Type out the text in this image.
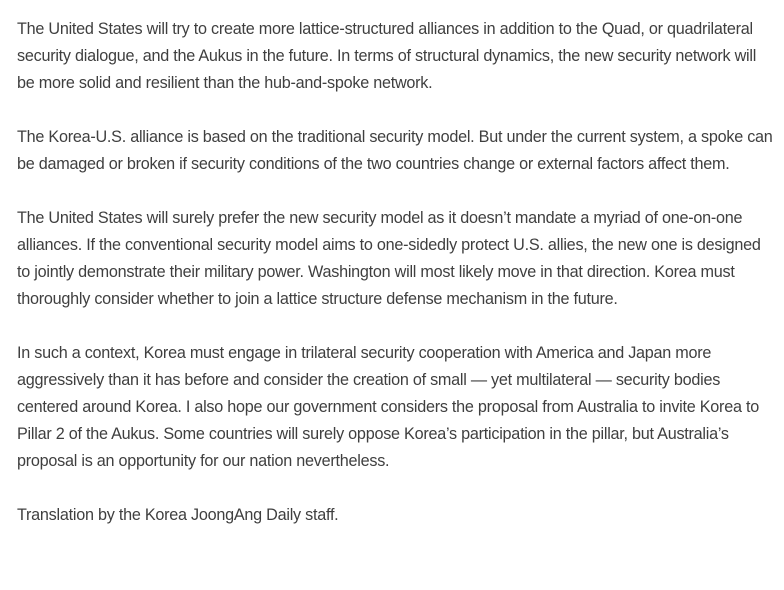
The United States will try to create more lattice-structured alliances in addition to the Quad, or quadrilateral security dialogue, and the Aukus in the future. In terms of structural dynamics, the new security network will be more solid and resilient than the hub-and-spoke network.

The Korea-U.S. alliance is based on the traditional security model. But under the current system, a spoke can be damaged or broken if security conditions of the two countries change or external factors affect them.

The United States will surely prefer the new security model as it doesn’t mandate a myriad of one-on-one alliances. If the conventional security model aims to one-sidedly protect U.S. allies, the new one is designed to jointly demonstrate their military power. Washington will most likely move in that direction. Korea must thoroughly consider whether to join a lattice structure defense mechanism in the future.

In such a context, Korea must engage in trilateral security cooperation with America and Japan more aggressively than it has before and consider the creation of small — yet multilateral — security bodies centered around Korea. I also hope our government considers the proposal from Australia to invite Korea to Pillar 2 of the Aukus. Some countries will surely oppose Korea’s participation in the pillar, but Australia’s proposal is an opportunity for our nation nevertheless.

Translation by the Korea JoongAng Daily staff.
